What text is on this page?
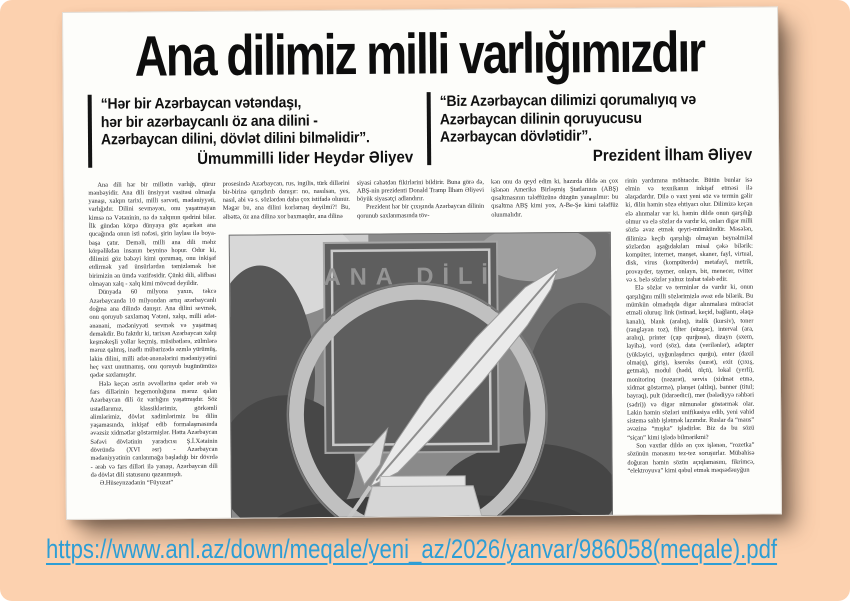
Ana dilimiz milli varlığımızdır
“Hər bir Azərbaycan vətəndaşı,
hər bir azərbaycanlı öz ana dilini -
Azərbaycan dilini, dövlət dilini bilməlidir”.
Ümummilli lider Heydər Əliyev
“Biz Azərbaycan dilimizi qorumalıyıq və
Azərbaycan dilinin qoruyucusu
Azərbaycan dövlətidir”.
Prezident İlham Əliyev

Ana dili hər bir millətin varlığı, qürur mənbəyidir. Ana dili ünsiyyət vasitəsi olmaqla yanaşı, xalqın tarixi, milli sərvəti, mədəniyyəti, varlığıdır. Dilini sevməyən, onu yaşatmayan kimsə nə Vətəninin, nə də xalqının qədrini bilər. İlk gündən körpə dünyaya göz açarkən ana qucağında onun isti nəfəsi, şirin laylası ilə boya-başa çatır. Deməli, milli ana dili məhz körpəlikdən insanın beyninə hopur. Odur ki, dilimizi göz bəbəyi kimi qorumaq, onu inkişaf etdirmək yad ünsürlərdən təmizləmək hər birimizin ən ümdə vəzifəsidir. Çünki dili, əlifbası olmayan xalq - xalq kimi mövcud deyildir.

Dünyada 60 milyona yaxın, təkcə Azərbaycanda 10 milyondan artıq azərbaycanlı doğma ana dilində danışır. Ana dilini sevmək, onu qoruyub saxlamaq Vətəni, xalqı, milli adət-ənənəni, mədəniyyəti sevmək və yaşatmaq deməkdir. Bu faktdır ki, tarixən Azərbaycan xalqı keşməkeşli yollar keçmiş, müsibətlərə, zülmlərə məruz qalmış, inadlı mübarizədə əzmlə yürümüş, lakin dilini, milli adət-ənənələrini mədəniyyətini heç vaxt unutmamış, onu qoruyub bugünümüzə qədər saxlamışdır.

Hələ keçən əsrin əvvəllərinə qədər ərəb və fars dillərinin hegemonluğuna məruz qalan Azərbaycan dili öz varlığını yaşatmışdır. Söz ustadlarımız, klassiklərimiz, görkəmli alimlərimiz, dövlət xadimlərimiz bu dilin yaşamasında, inkişaf edib formalaşmasında əvəzsiz xidmətlər göstərmişlər. Hətta Azərbaycan Səfəvi dövlətinin yaradıcısı Ş.İ.Xətainin dövründə (XVI əsr) - Azərbaycan mədəniyyətinin canlanmağa başladığı bir dövrdə - ərəb və fars dilləri ilə yanaşı, Azərbaycan dili də dövlət dili statusunu qazanmışdı.

Ə.Hüseynzadənin “Füyuzat”

prosesində Azərbaycan, rus, ingilis, türk dillərini bir-birinə qarışdırıb danışır: no, nasılsan, yes, nasıl, abi və s. sözlərdən daha çox istifadə olunur. Məgər bu, ana dilini korlamaq deyilmi?! Bu, əlbəttə, öz ana dilinə xor baxmaqdır, ana dilinə

siyasi cəhətdən fikirlərini bildirir. Buna görə də, ABŞ-nin prezidenti Donald Tramp İlham Əliyevi böyük siyasətçi adlandırır.

Prezident hər bir çıxışında Azərbaycan dilinin qorunub saxlanmasında töv-

kən onu da qeyd edim ki, hazırda dildə ən çox işlənən Amerika Birləşmiş Ştatlarının (ABŞ) qısaltmasının tələffüzünə düzgün yanaşılmır: bu qısaltma ABŞ kimi yox, A-Be-Şe kimi tələffüz olunmalıdır.

rinin yardımına möhtacdır. Bütün bunlar isə elmin və texnikanın inkişaf etməsi ilə əlaqədardır. Dilə o vaxt yeni söz və termin gəlir ki, dilin həmin sözə ehtiyacı olur. Dilimizə keçən elə alınmalar var ki, həmin dildə onun qarşılığı olmur və elə sözlər də vardır ki, onları digər milli sözlə əvəz etmək qeyri-mümkündür. Məsələn, dilimizə keçib qarşılığı olmayan beynəlmiləl sözlərdən aşağıdakıları misal çəkə bilərik: kompüter, internet, manşet, skaner, fayl, virtual, disk, virus (kompüterdə) metafayl, metrik, provayder, taymer, onlayn, bit, menecer, tvitter və s. belə sözlər yalnız izahat tələb edir.

Elə sözlər və terminlər də vardır ki, onun qarşılığını milli sözlərimizlə əvəz edə bilərik. Bu mümkün olmadıqda digər alınmalara müraciət etməli oluruq: link (istinad, keçid, bağlantı, əlaqə kanalı), blank (aralıq), italik (kursiv), toner (rəngləyən toz), filter (süzgəc), interval (ara, aralıq), printer (çap qurğusu), dizayn (sxem, layihə), vord (söz), data (verilənlər), adapter (yükləyici, uyğunlaşdırıcı qurğu), enter (daxil olma(q), giriş), kseroks (surət), exit (çıxış, getmək), modul (hədd, ölçü), lokal (yerli), monitorinq (nəzarət), servis (xidmət etmə, xidmət göstərmə), planşet (altlıq), banner (titul; bayraq), pult (idarəedici), mer (bələdiyyə rəhbəri (sədri)) və digər nümunələr göstərmək olar. Lakin həmin sözləri unifikasiya edib, yeni vahid sistemə salıb işlətmək lazımdır. Ruslar da “maus” əvəzinə “mışka” işlədirlər. Biz də bu sözü “siçan” kimi işlədə bilmərikmi?

Son vaxtlar dildə ən çox işlənən, “rozetka” sözünün mənasını tez-tez soruşurlar. Mübahisə doğuran həmin sözün açıqlamasını, fikrimcə, “elektroyuva” kimi qəbul etmək məqsədəuyğun

ANA DİLİ
https://www.anl.az/down/meqale/yeni_az/2026/yanvar/986058(meqale).pdf
